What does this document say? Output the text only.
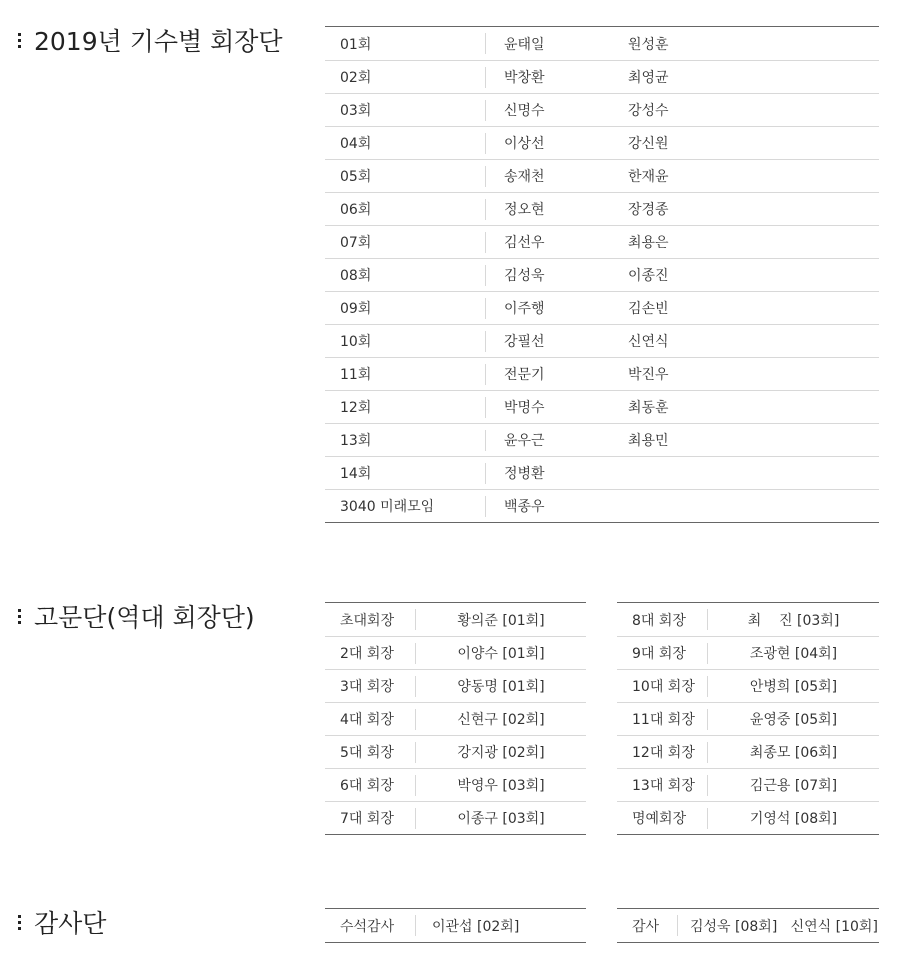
2019년 기수별 회장단	01회	윤태일	원성훈
02회	박창환	최영균
03회	신명수	강성수
04회	이상선	강신원
05회	송재천	한재윤
06회	정오현	장경종
07회	김선우	최용은
08회	김성욱	이종진
09회	이주행	김손빈
10회	강필선	신연식
11회	전문기	박진우
12회	박명수	최동훈
13회	윤우근	최용민
14회	정병환
3040 미래모임	백종우
고문단(역대 회장단)	초대회장	황의준 [01회]
2대 회장	이양수 [01회]
3대 회장	양동명 [01회]
4대 회장	신현구 [02회]
5대 회장	강지광 [02회]
6대 회장	박영우 [03회]
7대 회장	이종구 [03회]
8대 회장	최    진 [03회]
9대 회장	조광현 [04회]
10대 회장	안병희 [05회]
11대 회장	윤영중 [05회]
12대 회장	최종모 [06회]
13대 회장	김근용 [07회]
명예회장	기영석 [08회]
감사단	수석감사	이관섭 [02회]	감사	김성욱 [08회]   신연식 [10회]
